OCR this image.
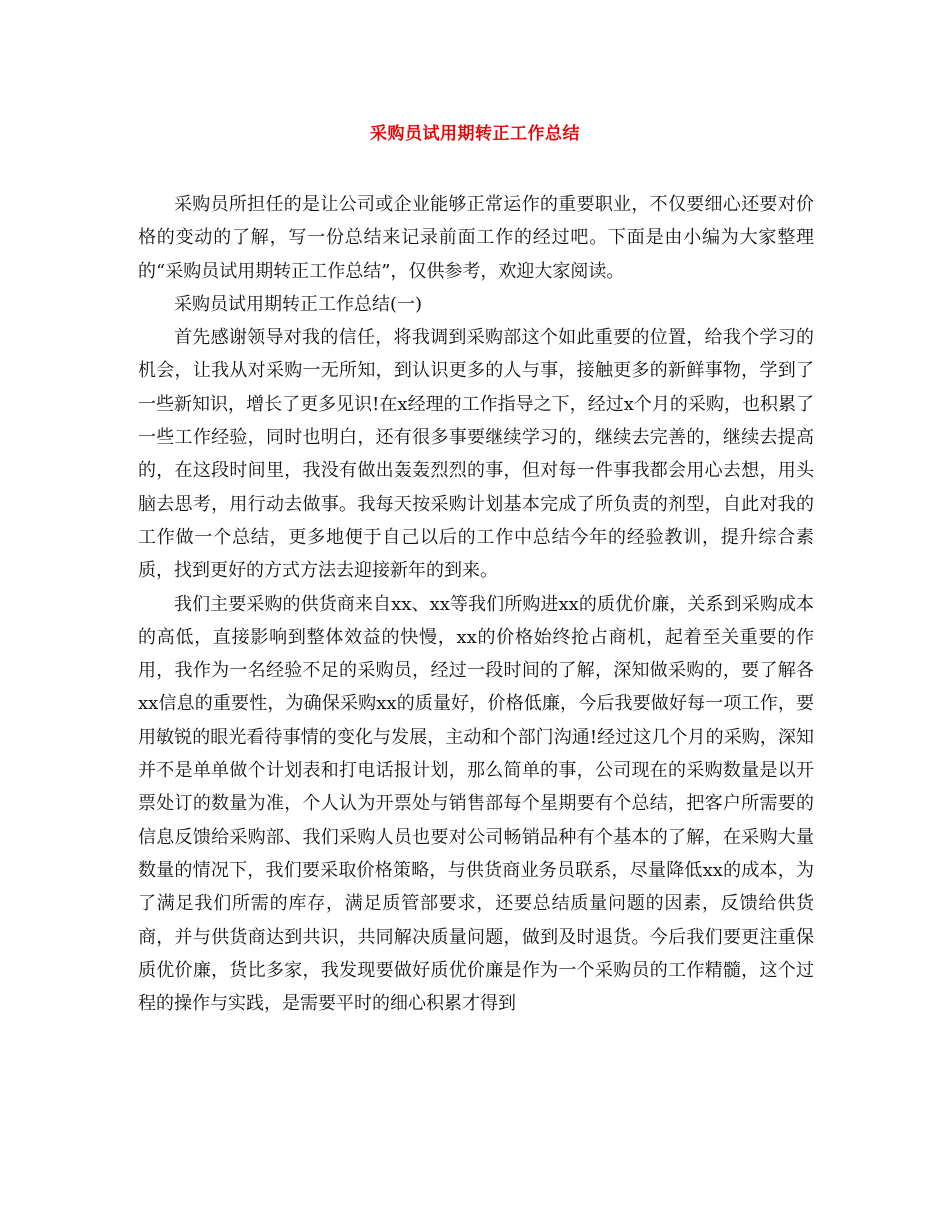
采购员试用期转正工作总结

采购员所担任的是让公司或企业能够正常运作的重要职业，不仅要细心还要对价格的变动的了解，写一份总结来记录前面工作的经过吧。下面是由小编为大家整理的“采购员试用期转正工作总结”，仅供参考，欢迎大家阅读。

采购员试用期转正工作总结(一)

首先感谢领导对我的信任，将我调到采购部这个如此重要的位置，给我个学习的机会，让我从对采购一无所知，到认识更多的人与事，接触更多的新鲜事物，学到了一些新知识，增长了更多见识!在x经理的工作指导之下，经过x个月的采购，也积累了一些工作经验，同时也明白，还有很多事要继续学习的，继续去完善的，继续去提高的，在这段时间里，我没有做出轰轰烈烈的事，但对每一件事我都会用心去想，用头脑去思考，用行动去做事。我每天按采购计划基本完成了所负责的剂型，自此对我的工作做一个总结，更多地便于自己以后的工作中总结今年的经验教训，提升综合素质，找到更好的方式方法去迎接新年的到来。

我们主要采购的供货商来自xx、xx等我们所购进xx的质优价廉，关系到采购成本的高低，直接影响到整体效益的快慢，xx的价格始终抢占商机，起着至关重要的作用，我作为一名经验不足的采购员，经过一段时间的了解，深知做采购的，要了解各xx信息的重要性，为确保采购xx的质量好，价格低廉，今后我要做好每一项工作，要用敏锐的眼光看待事情的变化与发展，主动和个部门沟通!经过这几个月的采购，深知并不是单单做个计划表和打电话报计划，那么简单的事，公司现在的采购数量是以开票处订的数量为准，个人认为开票处与销售部每个星期要有个总结，把客户所需要的信息反馈给采购部、我们采购人员也要对公司畅销品种有个基本的了解，在采购大量数量的情况下，我们要采取价格策略，与供货商业务员联系，尽量降低xx的成本，为了满足我们所需的库存，满足质管部要求，还要总结质量问题的因素，反馈给供货商，并与供货商达到共识，共同解决质量问题，做到及时退货。今后我们要更注重保质优价廉，货比多家，我发现要做好质优价廉是作为一个采购员的工作精髓，这个过程的操作与实践，是需要平时的细心积累才得到
